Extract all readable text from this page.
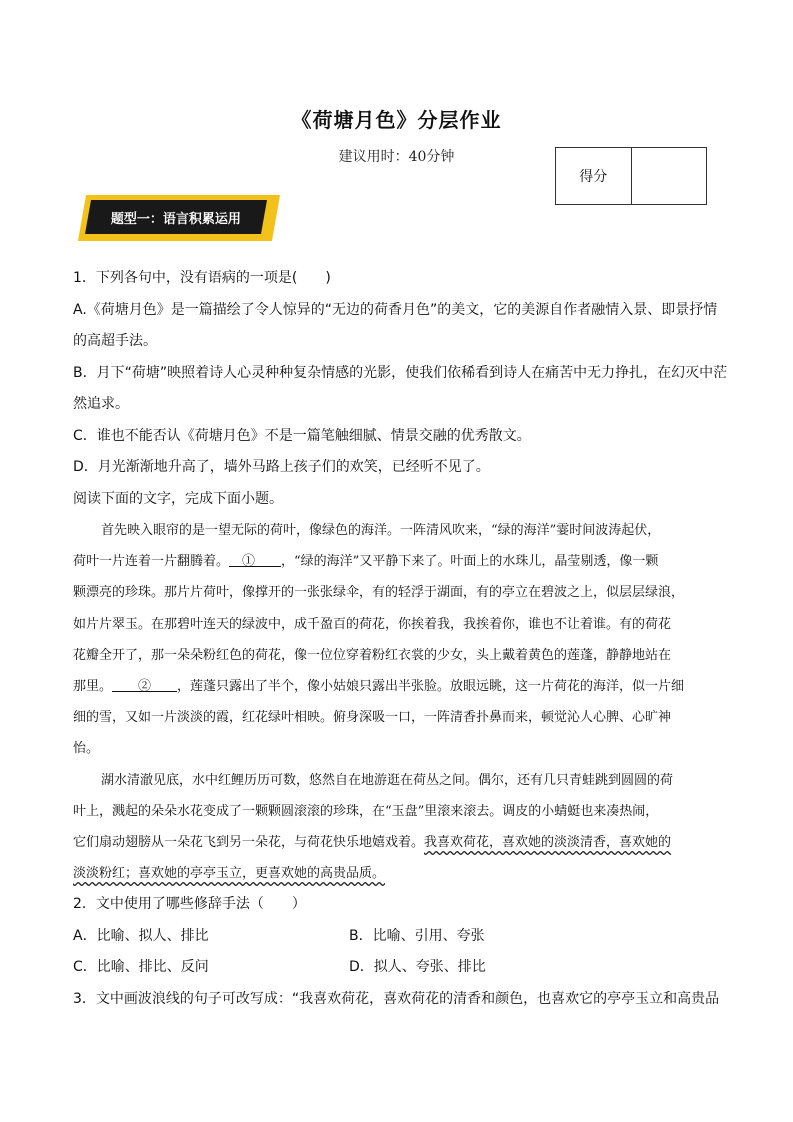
《荷塘月色》分层作业
建议用时：40分钟
得分
题型一：语言积累运用
1．下列各句中，没有语病的一项是(　　)
A.《荷塘月色》是一篇描绘了令人惊异的“无边的荷香月色”的美文，它的美源自作者融情入景、即景抒情
的高超手法。
B．月下“荷塘”映照着诗人心灵种种复杂情感的光影，使我们依稀看到诗人在痛苦中无力挣扎，在幻灭中茫
然追求。
C．谁也不能否认《荷塘月色》不是一篇笔触细腻、情景交融的优秀散文。
D．月光渐渐地升高了，墙外马路上孩子们的欢笑，已经听不见了。
阅读下面的文字，完成下面小题。
首先映入眼帘的是一望无际的荷叶，像绿色的海洋。一阵清风吹来，“绿的海洋”霎时间波涛起伏，
荷叶一片连着一片翻腾着。　①　　，“绿的海洋”又平静下来了。叶面上的水珠儿，晶莹剔透，像一颗
颗漂亮的珍珠。那片片荷叶，像撑开的一张张绿伞，有的轻浮于湖面，有的亭立在碧波之上，似层层绿浪，
如片片翠玉。在那碧叶连天的绿波中，成千盈百的荷花，你挨着我，我挨着你，谁也不让着谁。有的荷花
花瓣全开了，那一朵朵粉红色的荷花，像一位位穿着粉红衣裳的少女，头上戴着黄色的莲蓬，静静地站在
那里。　　②　　，莲蓬只露出了半个，像小姑娘只露出半张脸。放眼远眺，这一片荷花的海洋，似一片细
细的雪，又如一片淡淡的霞，红花绿叶相映。俯身深吸一口，一阵清香扑鼻而来，顿觉沁人心脾、心旷神
怡。
湖水清澈见底，水中红鲤历历可数，悠然自在地游逛在荷丛之间。偶尔，还有几只青蛙跳到圆圆的荷
叶上，溅起的朵朵水花变成了一颗颗圆滚滚的珍珠，在“玉盘”里滚来滚去。调皮的小蜻蜓也来凑热闹，
它们扇动翅膀从一朵花飞到另一朵花，与荷花快乐地嬉戏着。我喜欢荷花，喜欢她的淡淡清香，喜欢她的
淡淡粉红；喜欢她的亭亭玉立，更喜欢她的高贵品质。
2．文中使用了哪些修辞手法（　　）
A．比喻、拟人、排比	B．比喻、引用、夸张
C．比喻、排比、反问	D．拟人、夸张、排比
3．文中画波浪线的句子可改写成：“我喜欢荷花，喜欢荷花的清香和颜色，也喜欢它的亭亭玉立和高贵品
